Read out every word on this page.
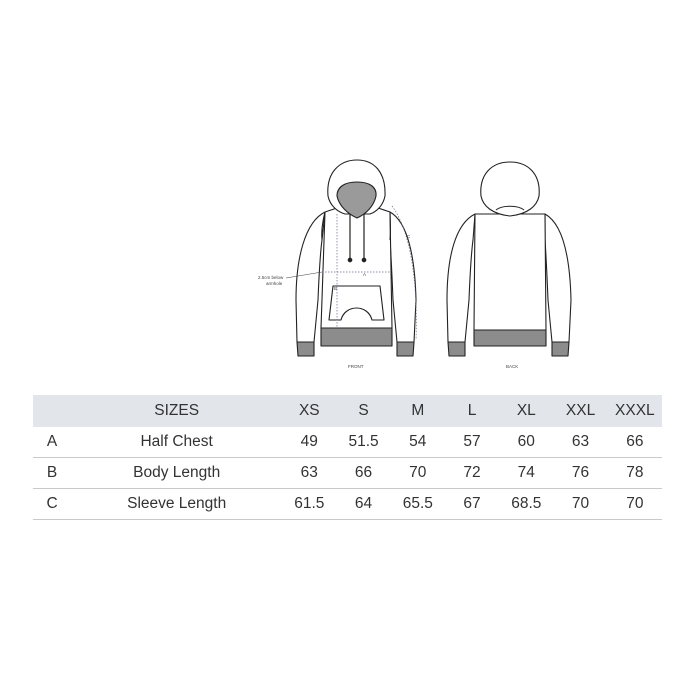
2.5cm below
armhole
A
B
C
FRONT	BACK
	SIZES	XS	S	M	L	XL	XXL	XXXL
A	Half Chest	49	51.5	54	57	60	63	66
B	Body Length	63	66	70	72	74	76	78
C	Sleeve Length	61.5	64	65.5	67	68.5	70	70
